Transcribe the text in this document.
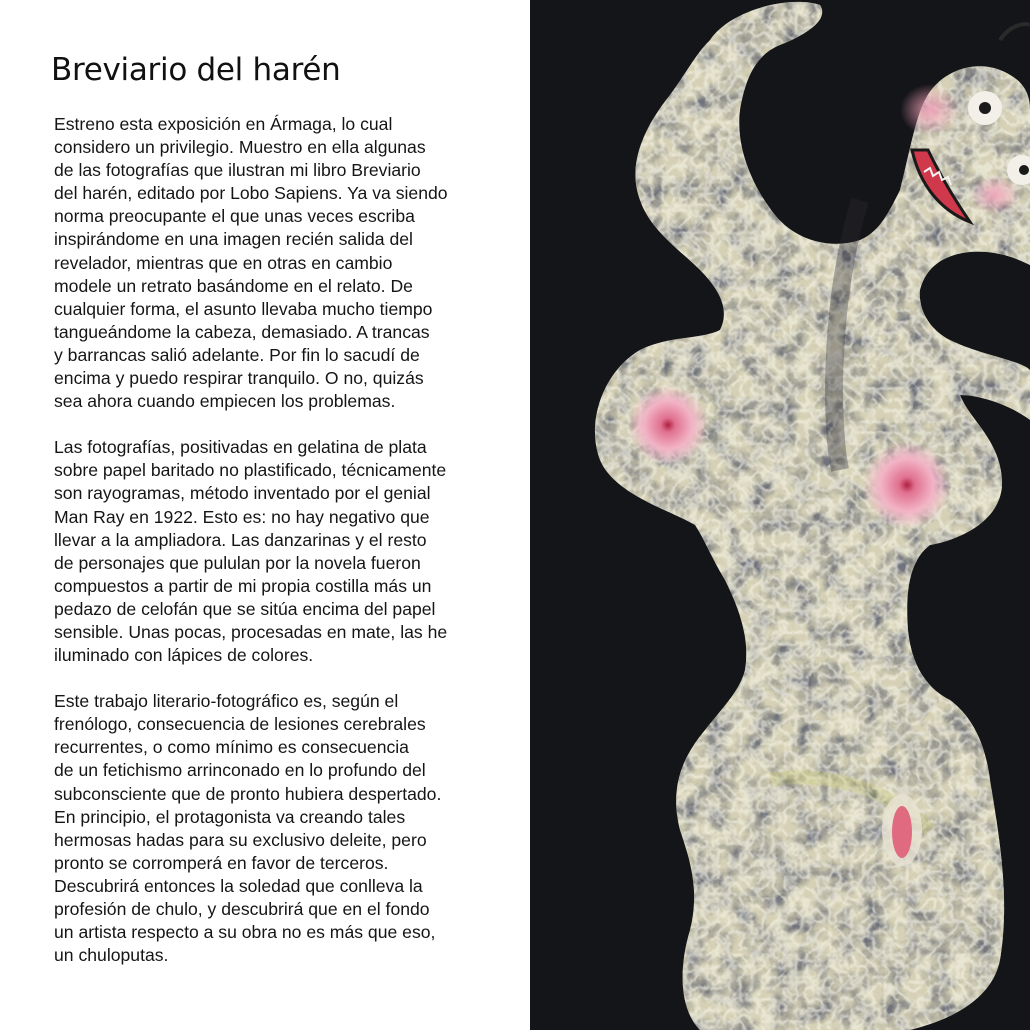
Breviario del harén

Estreno esta exposición en Ármaga, lo cual
considero un privilegio. Muestro en ella algunas
de las fotografías que ilustran mi libro Breviario
del harén, editado por Lobo Sapiens. Ya va siendo
norma preocupante el que unas veces escriba
inspirándome en una imagen recién salida del
revelador, mientras que en otras en cambio
modele un retrato basándome en el relato. De
cualquier forma, el asunto llevaba mucho tiempo
tangueándome la cabeza, demasiado. A trancas
y barrancas salió adelante. Por fin lo sacudí de
encima y puedo respirar tranquilo. O no, quizás
sea ahora cuando empiecen los problemas.

Las fotografías, positivadas en gelatina de plata
sobre papel baritado no plastificado, técnicamente
son rayogramas, método inventado por el genial
Man Ray en 1922. Esto es: no hay negativo que
llevar a la ampliadora. Las danzarinas y el resto
de personajes que pululan por la novela fueron
compuestos a partir de mi propia costilla más un
pedazo de celofán que se sitúa encima del papel
sensible. Unas pocas, procesadas en mate, las he
iluminado con lápices de colores.

Este trabajo literario-fotográfico es, según el
frenólogo, consecuencia de lesiones cerebrales
recurrentes, o como mínimo es consecuencia
de un fetichismo arrinconado en lo profundo del
subconsciente que de pronto hubiera despertado.
En principio, el protagonista va creando tales
hermosas hadas para su exclusivo deleite, pero
pronto se corromperá en favor de terceros.
Descubrirá entonces la soledad que conlleva la
profesión de chulo, y descubrirá que en el fondo
un artista respecto a su obra no es más que eso,
un chuloputas.
